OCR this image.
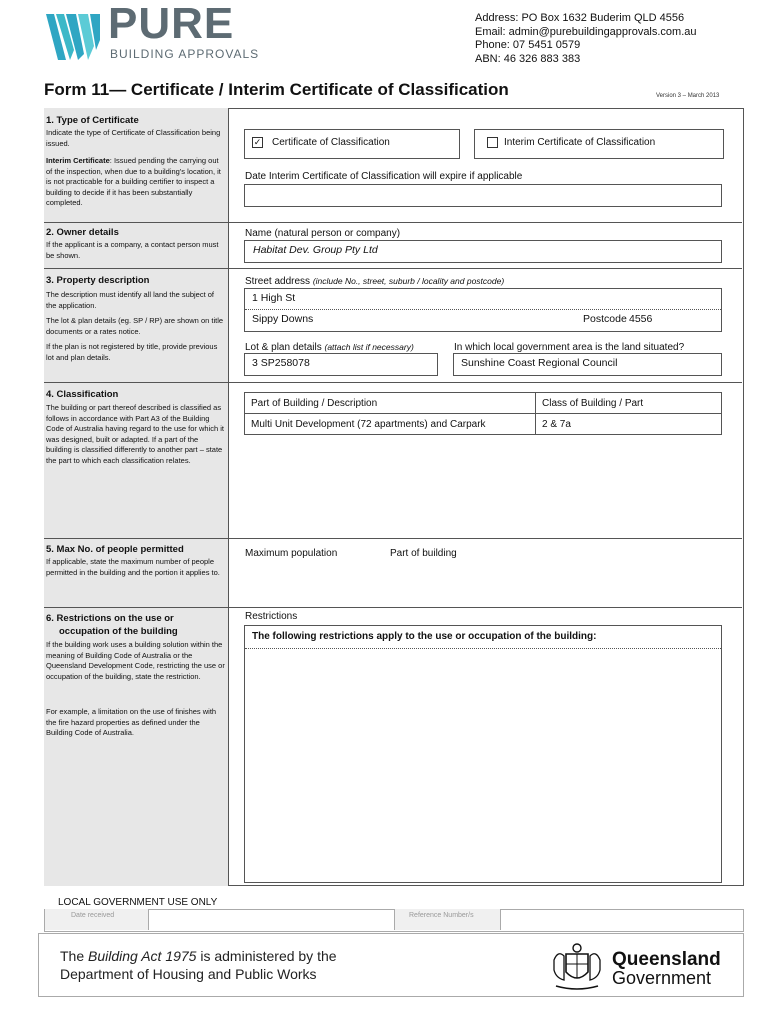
PURE
BUILDING APPROVALS
Address: PO Box 1632 Buderim QLD 4556
Email: admin@purebuildingapprovals.com.au
Phone: 07 5451 0579
ABN: 46 326 883 383
Form 11— Certificate / Interim Certificate of Classification	Version 3 – March 2013
1. Type of Certificate
Indicate the type of Certificate of Classification being issued.
Interim Certificate: Issued pending the carrying out of the inspection, when due to a building's location, it is not practicable for a building certifier to inspect a building to decide if it has been substantially completed.
✓ Certificate of Classification	Interim Certificate of Classification
Date Interim Certificate of Classification will expire if applicable
2. Owner details
If the applicant is a company, a contact person must be shown.
Name (natural person or company)
Habitat Dev. Group Pty Ltd
3. Property description
The description must identify all land the subject of the application.
The lot & plan details (eg. SP / RP) are shown on title documents or a rates notice.
If the plan is not registered by title, provide previous lot and plan details.
Street address (include No., street, suburb / locality and postcode)
1 High St
Sippy Downs	Postcode 4556
Lot & plan details (attach list if necessary)
3 SP258078
In which local government area is the land situated?
Sunshine Coast Regional Council
4. Classification
The building or part thereof described is classified as follows in accordance with Part A3 of the Building Code of Australia having regard to the use for which it was designed, built or adapted. If a part of the building is classified differently to another part – state the part to which each classification relates.
Part of Building / Description	Class of Building / Part
Multi Unit Development (72 apartments) and Carpark	2 & 7a
5. Max No. of people permitted
If applicable, state the maximum number of people permitted in the building and the portion it applies to.
Maximum population	Part of building
6. Restrictions on the use or
occupation of the building
If the building work uses a building solution within the meaning of Building Code of Australia or the Queensland Development Code, restricting the use or occupation of the building, state the restriction.
For example, a limitation on the use of finishes with the fire hazard properties as defined under the Building Code of Australia.
Restrictions
The following restrictions apply to the use or occupation of the building:
LOCAL GOVERNMENT USE ONLY
Date received	Reference Number/s
The Building Act 1975 is administered by the
Department of Housing and Public Works
Queensland
Government
